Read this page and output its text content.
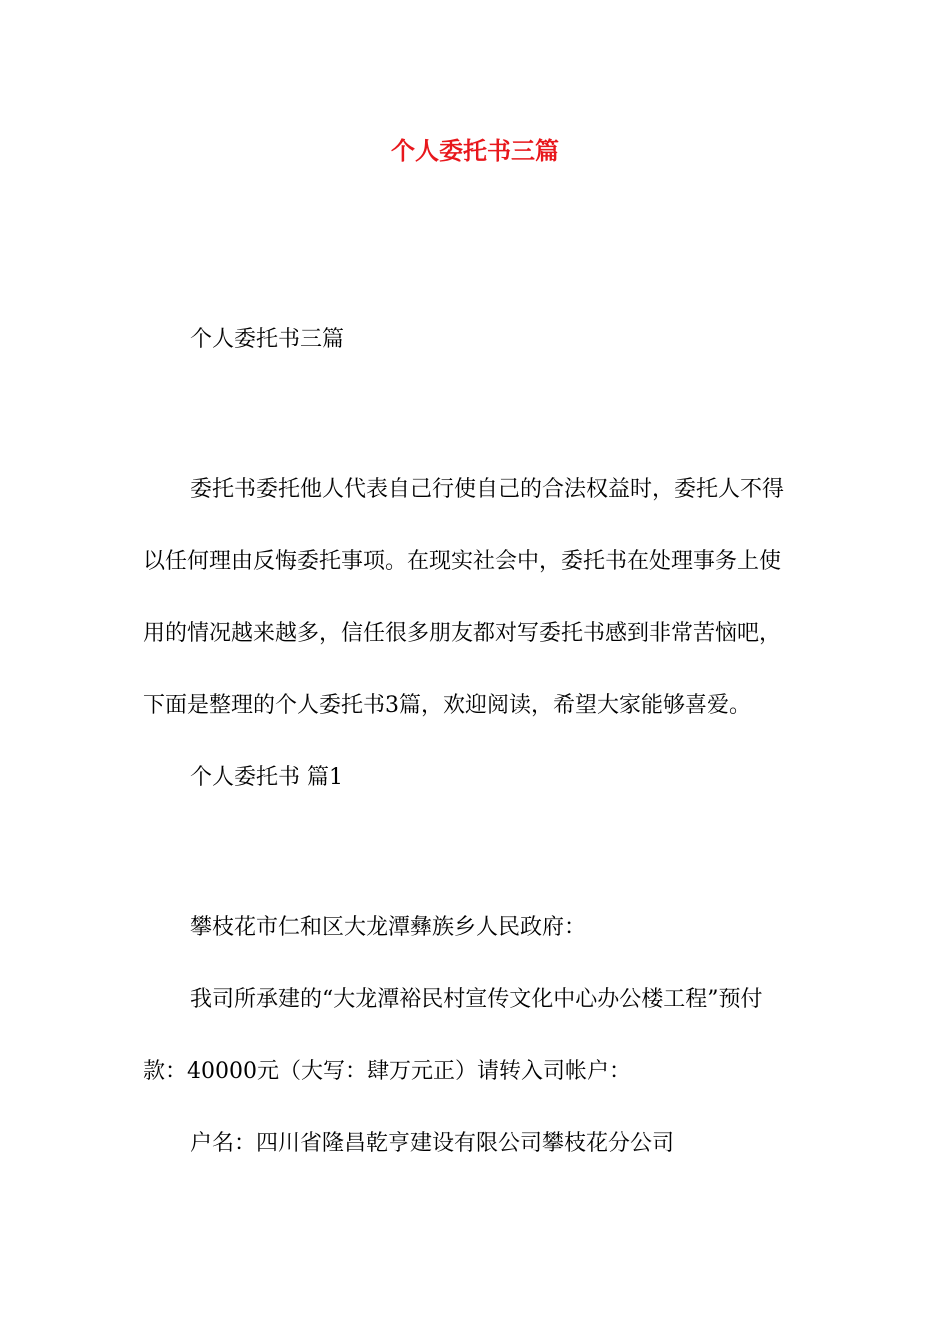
个人委托书三篇

个人委托书三篇

委托书委托他人代表自己行使自己的合法权益时，委托人不得

以任何理由反悔委托事项。在现实社会中，委托书在处理事务上使

用的情况越来越多，信任很多朋友都对写委托书感到非常苦恼吧，

下面是整理的个人委托书3篇，欢迎阅读，希望大家能够喜爱。

个人委托书 篇1

攀枝花市仁和区大龙潭彝族乡人民政府：

我司所承建的“大龙潭裕民村宣传文化中心办公楼工程”预付

款：40000元（大写：肆万元正）请转入司帐户：

户名：四川省隆昌乾亨建设有限公司攀枝花分公司
